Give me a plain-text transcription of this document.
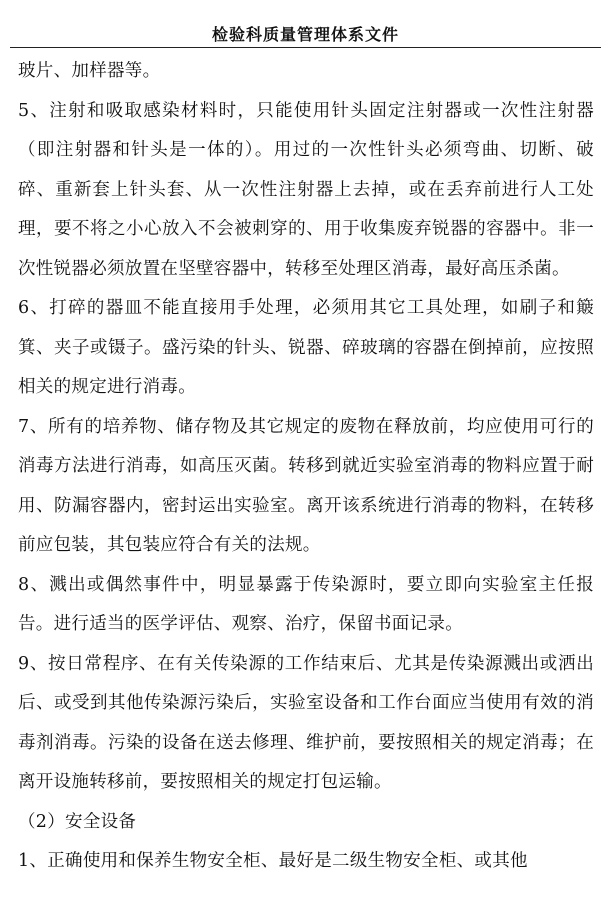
检验科质量管理体系文件

玻片、加样器等。

5、注射和吸取感染材料时，只能使用针头固定注射器或一次性注射器（即注射器和针头是一体的）。用过的一次性针头必须弯曲、切断、破碎、重新套上针头套、从一次性注射器上去掉，或在丢弃前进行人工处理，要不将之小心放入不会被刺穿的、用于收集废弃锐器的容器中。非一次性锐器必须放置在坚壁容器中，转移至处理区消毒，最好高压杀菌。

6、打碎的器皿不能直接用手处理，必须用其它工具处理，如刷子和簸箕、夹子或镊子。盛污染的针头、锐器、碎玻璃的容器在倒掉前，应按照相关的规定进行消毒。

7、所有的培养物、储存物及其它规定的废物在释放前，均应使用可行的消毒方法进行消毒，如高压灭菌。转移到就近实验室消毒的物料应置于耐用、防漏容器内，密封运出实验室。离开该系统进行消毒的物料，在转移前应包装，其包装应符合有关的法规。

8、溅出或偶然事件中，明显暴露于传染源时，要立即向实验室主任报告。进行适当的医学评估、观察、治疗，保留书面记录。

9、按日常程序、在有关传染源的工作结束后、尤其是传染源溅出或洒出后、或受到其他传染源污染后，实验室设备和工作台面应当使用有效的消毒剂消毒。污染的设备在送去修理、维护前，要按照相关的规定消毒；在离开设施转移前，要按照相关的规定打包运输。

（2）安全设备

1、正确使用和保养生物安全柜、最好是二级生物安全柜、或其他
